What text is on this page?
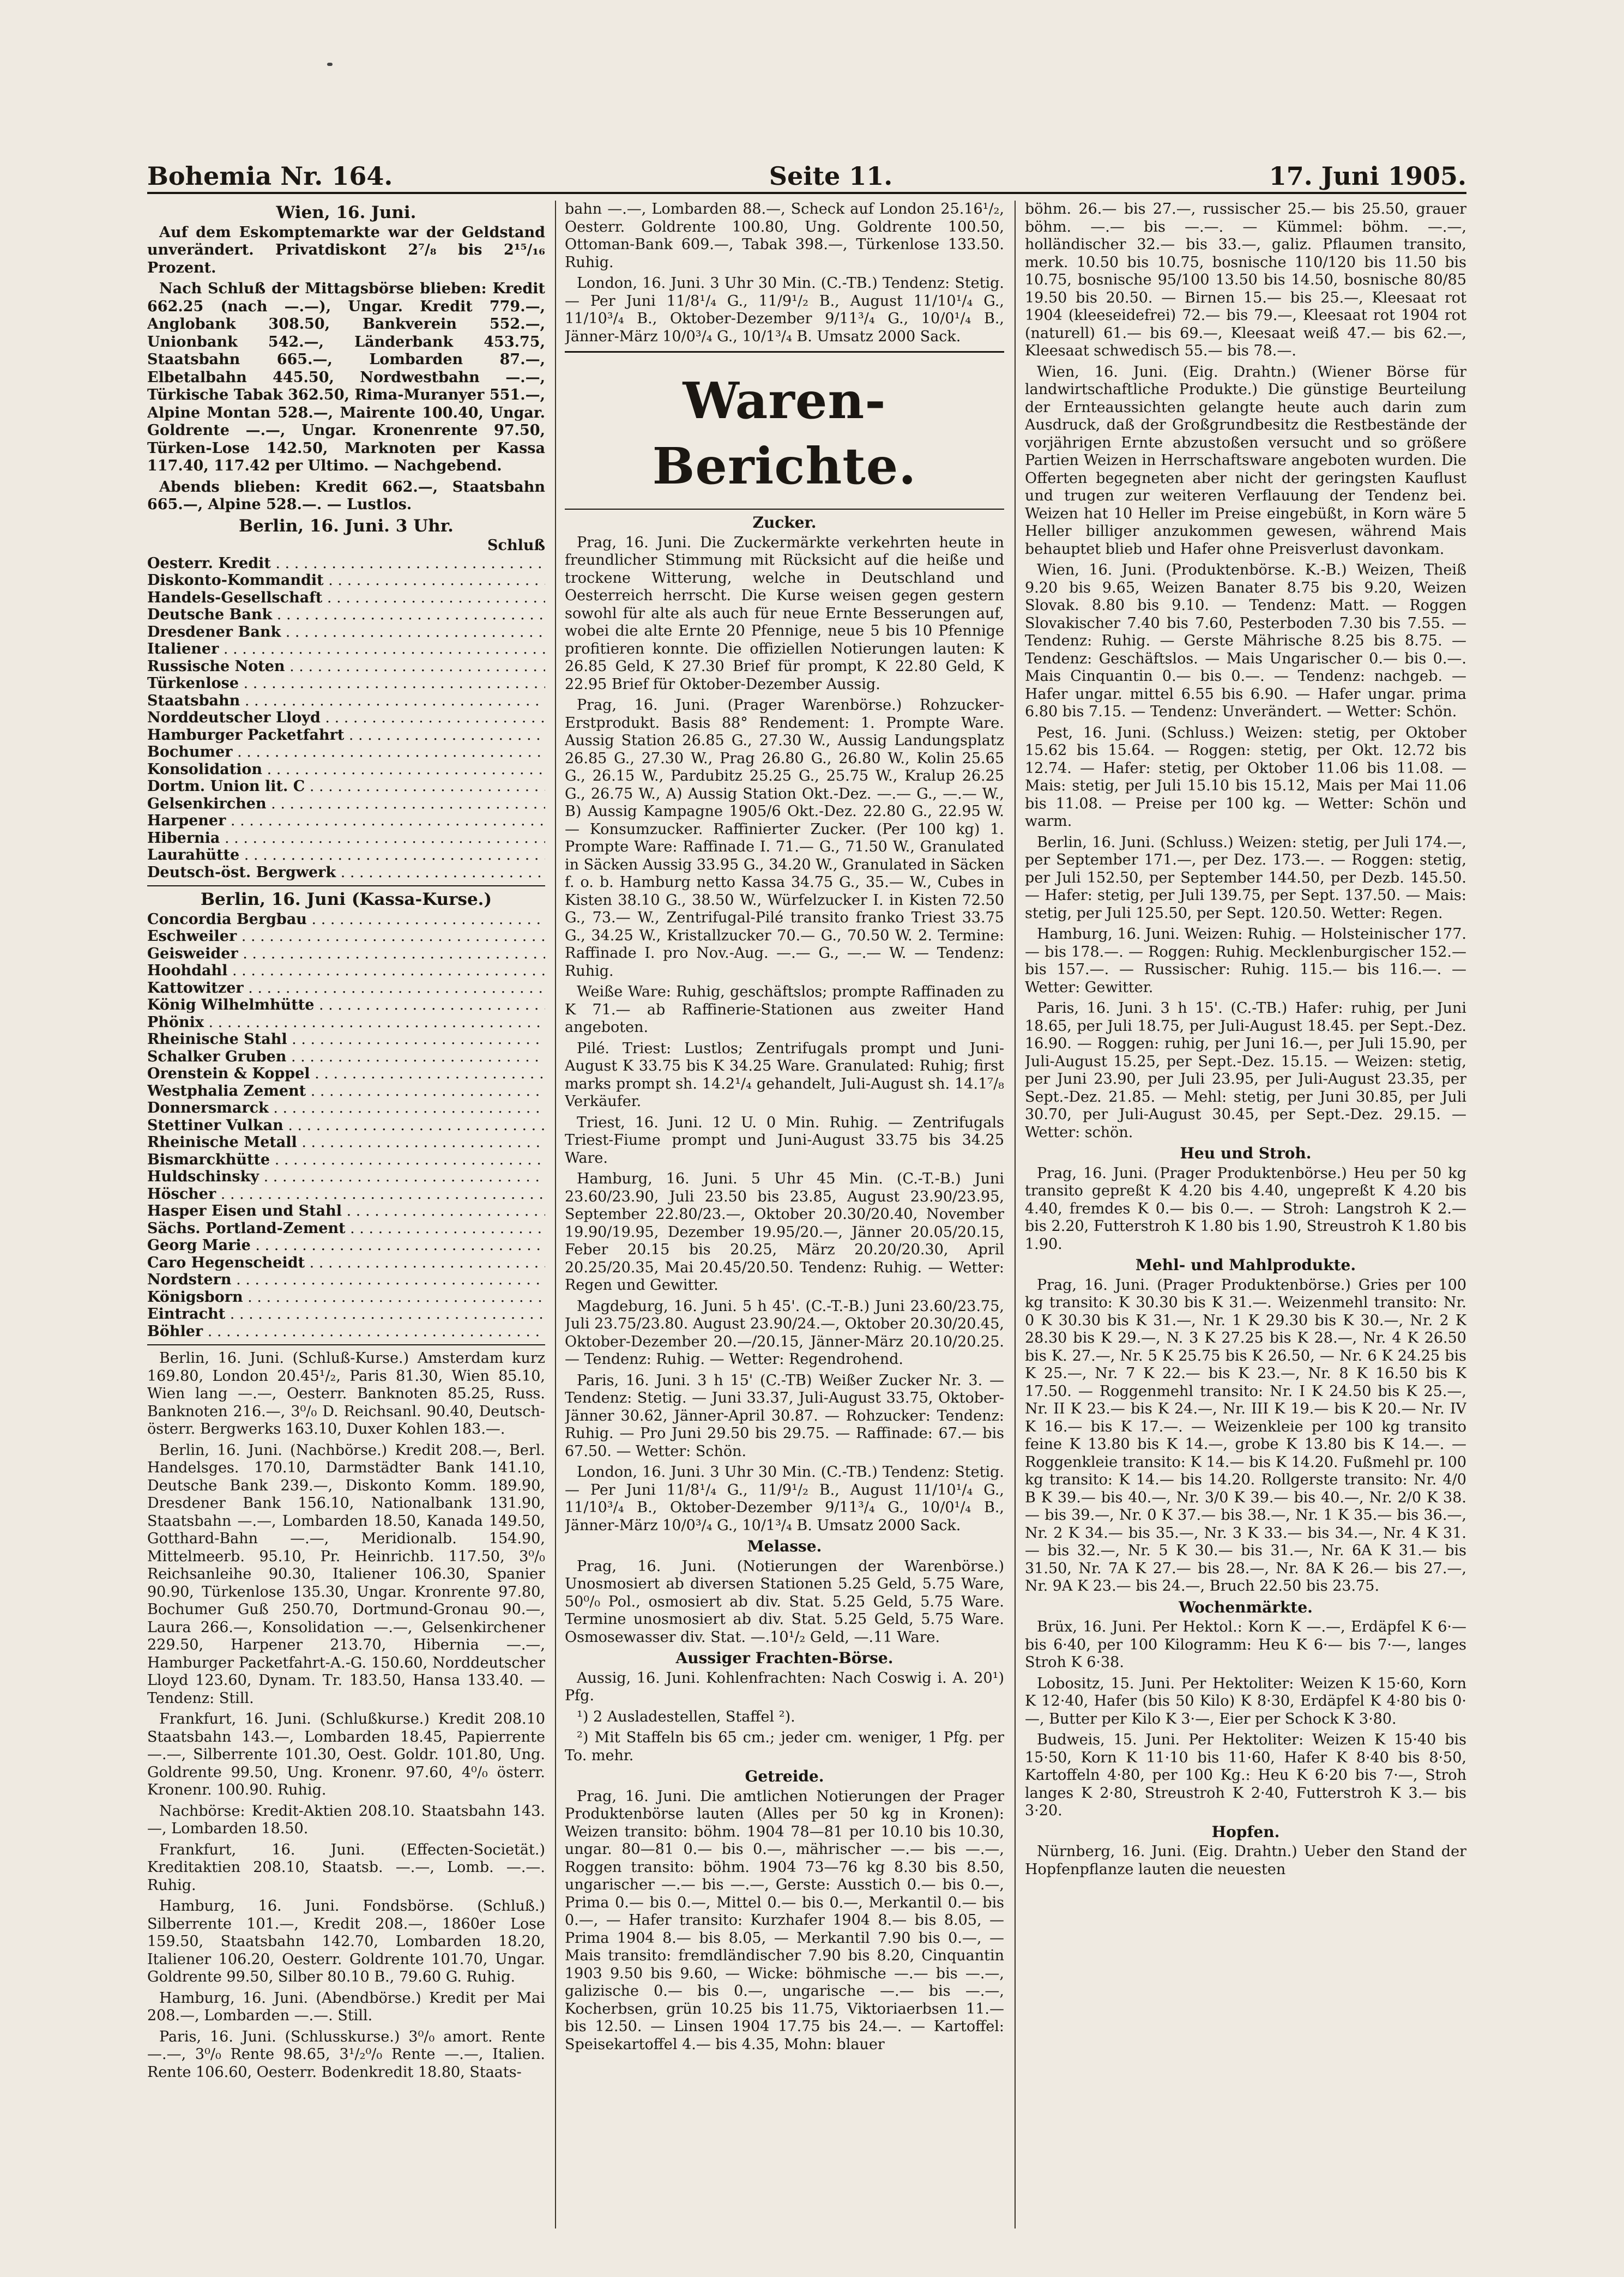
Bohemia Nr. 164.	Seite 11.	17. Juni 1905.
Wien, 16. Juni.

Auf dem Eskomptemarkte war der Geldstand unverändert. Privatdiskont 2⁷/₈ bis 2¹⁵/₁₆ Prozent.

Nach Schluß der Mittagsbörse blieben: Kredit 662.25 (nach —.—), Ungar. Kredit 779.—, Anglobank 308.50, Bankverein 552.—, Unionbank 542.—, Länderbank 453.75, Staatsbahn 665.—, Lombarden 87.—, Elbetalbahn 445.50, Nordwestbahn —.—, Türkische Tabak 362.50, Rima-Muranyer 551.—, Alpine Montan 528.—, Mairente 100.40, Ungar. Goldrente —.—, Ungar. Kronenrente 97.50, Türken-Lose 142.50, Marknoten per Kassa 117.40, 117.42 per Ultimo. — Nachgebend.

Abends blieben: Kredit 662.—, Staatsbahn 665.—, Alpine 528.—. — Lustlos.

Berlin, 16. Juni. 3 Uhr.
Schluß
Oesterr. Kredit . . .	
Diskonto-Kommandit . . .	
Handels-Gesellschaft . . .	
Deutsche Bank . . .	
Dresdener Bank . . .	
Italiener . . .	
Russische Noten . . .	
Türkenlose . . .	
Staatsbahn . . .	
Norddeutscher Lloyd . . .	
Hamburger Packetfahrt . . .	
Bochumer . . .	
Konsolidation . . .	
Dortm. Union lit. C . . .	
Gelsenkirchen . . .	
Harpener . . .	
Hibernia . . .	
Laurahütte . . .	
Deutsch-öst. Bergwerk . . .	
Berlin, 16. Juni (Kassa-Kurse.)
Concordia Bergbau . . .	
Eschweiler . . .	
Geisweider . . .	
Hoohdahl . . .	
Kattowitzer . . .	
König Wilhelmhütte . . .	
Phönix . . .	
Rheinische Stahl . . .	
Schalker Gruben . . .	
Orenstein & Koppel . . .	
Westphalia Zement . . .	
Donnersmarck . . .	
Stettiner Vulkan . . .	
Rheinische Metall . . .	
Bismarckhütte . . .	
Huldschinsky . . .	
Höscher . . .	
Hasper Eisen und Stahl . . .	
Sächs. Portland-Zement . . .	
Georg Marie . . .	
Caro Hegenscheidt . . .	
Nordstern . . .	
Königsborn . . .	
Eintracht . . .	
Böhler . . .	

Berlin, 16. Juni. (Schluß-Kurse.) Amsterdam kurz 169.80, London 20.45¹/₂, Paris 81.30, Wien 85.10, Wien lang —.—, Oesterr. Banknoten 85.25, Russ. Banknoten 216.—, 3⁰/₀ D. Reichsanl. 90.40, Deutsch-österr. Bergwerks 163.10, Duxer Kohlen 183.—.

Berlin, 16. Juni. (Nachbörse.) Kredit 208.—, Berl. Handelsges. 170.10, Darmstädter Bank 141.10, Deutsche Bank 239.—, Diskonto Komm. 189.90, Dresdener Bank 156.10, Nationalbank 131.90, Staatsbahn —.—, Lombarden 18.50, Kanada 149.50, Gotthard-Bahn —.—, Meridionalb. 154.90, Mittelmeerb. 95.10, Pr. Heinrichb. 117.50, 3⁰/₀ Reichsanleihe 90.30, Italiener 106.30, Spanier 90.90, Türkenlose 135.30, Ungar. Kronrente 97.80, Bochumer Guß 250.70, Dortmund-Gronau 90.—, Laura 266.—, Konsolidation —.—, Gelsenkirchener 229.50, Harpener 213.70, Hibernia —.—, Hamburger Packetfahrt-A.-G. 150.60, Norddeutscher Lloyd 123.60, Dynam. Tr. 183.50, Hansa 133.40. — Tendenz: Still.

Frankfurt, 16. Juni. (Schlußkurse.) Kredit 208.10 Staatsbahn 143.—, Lombarden 18.45, Papierrente —.—, Silberrente 101.30, Oest. Goldr. 101.80, Ung. Goldrente 99.50, Ung. Kronenr. 97.60, 4⁰/₀ österr. Kronenr. 100.90. Ruhig.

Nachbörse: Kredit-Aktien 208.10. Staatsbahn 143.—, Lombarden 18.50.

Frankfurt, 16. Juni. (Effecten-Societät.) Kreditaktien 208.10, Staatsb. —.—, Lomb. —.—. Ruhig.

Hamburg, 16. Juni. Fondsbörse. (Schluß.) Silberrente 101.—, Kredit 208.—, 1860er Lose 159.50, Staatsbahn 142.70, Lombarden 18.20, Italiener 106.20, Oesterr. Goldrente 101.70, Ungar. Goldrente 99.50, Silber 80.10 B., 79.60 G. Ruhig.

Hamburg, 16. Juni. (Abendbörse.) Kredit per Mai 208.—, Lombarden —.—. Still.

Paris, 16. Juni. (Schlusskurse.) 3⁰/₀ amort. Rente —.—, 3⁰/₀ Rente 98.65, 3¹/₂⁰/₀ Rente —.—, Italien. Rente 106.60, Oesterr. Bodenkredit 18.80, Staats-

bahn —.—, Lombarden 88.—, Scheck auf London 25.16¹/₂, Oesterr. Goldrente 100.80, Ung. Goldrente 100.50, Ottoman-Bank 609.—, Tabak 398.—, Türkenlose 133.50. Ruhig.

London, 16. Juni. 3 Uhr 30 Min. (C.-TB.) Tendenz: Stetig. — Per Juni 11/8¹/₄ G., 11/9¹/₂ B., August 11/10¹/₄ G., 11/10³/₄ B., Oktober-Dezember 9/11³/₄ G., 10/0¹/₄ B., Jänner-März 10/0³/₄ G., 10/1³/₄ B. Umsatz 2000 Sack.

Waren-Berichte.
Zucker.

Prag, 16. Juni. Die Zuckermärkte verkehrten heute in freundlicher Stimmung mit Rücksicht auf die heiße und trockene Witterung, welche in Deutschland und Oesterreich herrscht. Die Kurse weisen gegen gestern sowohl für alte als auch für neue Ernte Besserungen auf, wobei die alte Ernte 20 Pfennige, neue 5 bis 10 Pfennige profitieren konnte. Die offiziellen Notierungen lauten: K 26.85 Geld, K 27.30 Brief für prompt, K 22.80 Geld, K 22.95 Brief für Oktober-Dezember Aussig.

Prag, 16. Juni. (Prager Warenbörse.) Rohzucker-Erstprodukt. Basis 88° Rendement: 1. Prompte Ware. Aussig Station 26.85 G., 27.30 W., Aussig Landungsplatz 26.85 G., 27.30 W., Prag 26.80 G., 26.80 W., Kolin 25.65 G., 26.15 W., Pardubitz 25.25 G., 25.75 W., Kralup 26.25 G., 26.75 W., A) Aussig Station Okt.-Dez. —.— G., —.— W., B) Aussig Kampagne 1905/6 Okt.-Dez. 22.80 G., 22.95 W. — Konsumzucker. Raffinierter Zucker. (Per 100 kg) 1. Prompte Ware: Raffinade I. 71.— G., 71.50 W., Granulated in Säcken Aussig 33.95 G., 34.20 W., Granulated in Säcken f. o. b. Hamburg netto Kassa 34.75 G., 35.— W., Cubes in Kisten 38.10 G., 38.50 W., Würfelzucker I. in Kisten 72.50 G., 73.— W., Zentrifugal-Pilé transito franko Triest 33.75 G., 34.25 W., Kristallzucker 70.— G., 70.50 W. 2. Termine: Raffinade I. pro Nov.-Aug. —.— G., —.— W. — Tendenz: Ruhig.

Weiße Ware: Ruhig, geschäftslos; prompte Raffinaden zu K 71.— ab Raffinerie-Stationen aus zweiter Hand angeboten.

Pilé. Triest: Lustlos; Zentrifugals prompt und Juni-August K 33.75 bis K 34.25 Ware. Granulated: Ruhig; first marks prompt sh. 14.2¹/₄ gehandelt, Juli-August sh. 14.1⁷/₈ Verkäufer.

Triest, 16. Juni. 12 U. 0 Min. Ruhig. — Zentrifugals Triest-Fiume prompt und Juni-August 33.75 bis 34.25 Ware.

Hamburg, 16. Juni. 5 Uhr 45 Min. (C.-T.-B.) Juni 23.60/23.90, Juli 23.50 bis 23.85, August 23.90/23.95, September 22.80/23.—, Oktober 20.30/20.40, November 19.90/19.95, Dezember 19.95/20.—, Jänner 20.05/20.15, Feber 20.15 bis 20.25, März 20.20/20.30, April 20.25/20.35, Mai 20.45/20.50. Tendenz: Ruhig. — Wetter: Regen und Gewitter.

Magdeburg, 16. Juni. 5 h 45'. (C.-T.-B.) Juni 23.60/23.75, Juli 23.75/23.80. August 23.90/24.—, Oktober 20.30/20.45, Oktober-Dezember 20.—/20.15, Jänner-März 20.10/20.25. — Tendenz: Ruhig. — Wetter: Regendrohend.

Paris, 16. Juni. 3 h 15' (C.-TB) Weißer Zucker Nr. 3. — Tendenz: Stetig. — Juni 33.37, Juli-August 33.75, Oktober-Jänner 30.62, Jänner-April 30.87. — Rohzucker: Tendenz: Ruhig. — Pro Juni 29.50 bis 29.75. — Raffinade: 67.— bis 67.50. — Wetter: Schön.

London, 16. Juni. 3 Uhr 30 Min. (C.-TB.) Tendenz: Stetig. — Per Juni 11/8¹/₄ G., 11/9¹/₂ B., August 11/10¹/₄ G., 11/10³/₄ B., Oktober-Dezember 9/11³/₄ G., 10/0¹/₄ B., Jänner-März 10/0³/₄ G., 10/1³/₄ B. Umsatz 2000 Sack.

Melasse.

Prag, 16. Juni. (Notierungen der Warenbörse.) Unosmosiert ab diversen Stationen 5.25 Geld, 5.75 Ware, 50⁰/₀ Pol., osmosiert ab div. Stat. 5.25 Geld, 5.75 Ware. Termine unosmosiert ab div. Stat. 5.25 Geld, 5.75 Ware. Osmosewasser div. Stat. —.10¹/₂ Geld, —.11 Ware.

Aussiger Frachten-Börse.

Aussig, 16. Juni. Kohlenfrachten: Nach Coswig i. A. 20¹) Pfg.

¹) 2 Ausladestellen, Staffel ²).

²) Mit Staffeln bis 65 cm.; jeder cm. weniger, 1 Pfg. per To. mehr.

Getreide.

Prag, 16. Juni. Die amtlichen Notierungen der Prager Produktenbörse lauten (Alles per 50 kg in Kronen): Weizen transito: böhm. 1904 78—81 per 10.10 bis 10.30, ungar. 80—81 0.— bis 0.—, mährischer —.— bis —.—, Roggen transito: böhm. 1904 73—76 kg 8.30 bis 8.50, ungarischer —.— bis —.—, Gerste: Ausstich 0.— bis 0.—, Prima 0.— bis 0.—, Mittel 0.— bis 0.—, Merkantil 0.— bis 0.—, — Hafer transito: Kurzhafer 1904 8.— bis 8.05, — Prima 1904 8.— bis 8.05, — Merkantil 7.90 bis 0.—, — Mais transito: fremdländischer 7.90 bis 8.20, Cinquantin 1903 9.50 bis 9.60, — Wicke: böhmische —.— bis —.—, galizische 0.— bis 0.—, ungarische —.— bis —.—, Kocherbsen, grün 10.25 bis 11.75, Viktoriaerbsen 11.— bis 12.50. — Linsen 1904 17.75 bis 24.—. — Kartoffel: Speisekartoffel 4.— bis 4.35, Mohn: blauer

böhm. 26.— bis 27.—, russischer 25.— bis 25.50, grauer böhm. —.— bis —.—. — Kümmel: böhm. —.—, holländischer 32.— bis 33.—, galiz. Pflaumen transito, merk. 10.50 bis 10.75, bosnische 110/120 bis 11.50 bis 10.75, bosnische 95/100 13.50 bis 14.50, bosnische 80/85 19.50 bis 20.50. — Birnen 15.— bis 25.—, Kleesaat rot 1904 (kleeseidefrei) 72.— bis 79.—, Kleesaat rot 1904 rot (naturell) 61.— bis 69.—, Kleesaat weiß 47.— bis 62.—, Kleesaat schwedisch 55.— bis 78.—.

Wien, 16. Juni. (Eig. Drahtn.) (Wiener Börse für landwirtschaftliche Produkte.) Die günstige Beurteilung der Ernteaussichten gelangte heute auch darin zum Ausdruck, daß der Großgrundbesitz die Restbestände der vorjährigen Ernte abzustoßen versucht und so größere Partien Weizen in Herrschaftsware angeboten wurden. Die Offerten begegneten aber nicht der geringsten Kauflust und trugen zur weiteren Verflauung der Tendenz bei. Weizen hat 10 Heller im Preise eingebüßt, in Korn wäre 5 Heller billiger anzukommen gewesen, während Mais behauptet blieb und Hafer ohne Preisverlust davonkam.

Wien, 16. Juni. (Produktenbörse. K.-B.) Weizen, Theiß 9.20 bis 9.65, Weizen Banater 8.75 bis 9.20, Weizen Slovak. 8.80 bis 9.10. — Tendenz: Matt. — Roggen Slovakischer 7.40 bis 7.60, Pesterboden 7.30 bis 7.55. — Tendenz: Ruhig. — Gerste Mährische 8.25 bis 8.75. — Tendenz: Geschäftslos. — Mais Ungarischer 0.— bis 0.—. Mais Cinquantin 0.— bis 0.—. — Tendenz: nachgeb. — Hafer ungar. mittel 6.55 bis 6.90. — Hafer ungar. prima 6.80 bis 7.15. — Tendenz: Unverändert. — Wetter: Schön.

Pest, 16. Juni. (Schluss.) Weizen: stetig, per Oktober 15.62 bis 15.64. — Roggen: stetig, per Okt. 12.72 bis 12.74. — Hafer: stetig, per Oktober 11.06 bis 11.08. — Mais: stetig, per Juli 15.10 bis 15.12, Mais per Mai 11.06 bis 11.08. — Preise per 100 kg. — Wetter: Schön und warm.

Berlin, 16. Juni. (Schluss.) Weizen: stetig, per Juli 174.—, per September 171.—, per Dez. 173.—. — Roggen: stetig, per Juli 152.50, per September 144.50, per Dezb. 145.50. — Hafer: stetig, per Juli 139.75, per Sept. 137.50. — Mais: stetig, per Juli 125.50, per Sept. 120.50. Wetter: Regen.

Hamburg, 16. Juni. Weizen: Ruhig. — Holsteinischer 177.— bis 178.—. — Roggen: Ruhig. Mecklenburgischer 152.— bis 157.—. — Russischer: Ruhig. 115.— bis 116.—. — Wetter: Gewitter.

Paris, 16. Juni. 3 h 15'. (C.-TB.) Hafer: ruhig, per Juni 18.65, per Juli 18.75, per Juli-August 18.45. per Sept.-Dez. 16.90. — Roggen: ruhig, per Juni 16.—, per Juli 15.90, per Juli-August 15.25, per Sept.-Dez. 15.15. — Weizen: stetig, per Juni 23.90, per Juli 23.95, per Juli-August 23.35, per Sept.-Dez. 21.85. — Mehl: stetig, per Juni 30.85, per Juli 30.70, per Juli-August 30.45, per Sept.-Dez. 29.15. — Wetter: schön.

Heu und Stroh.

Prag, 16. Juni. (Prager Produktenbörse.) Heu per 50 kg transito gepreßt K 4.20 bis 4.40, ungepreßt K 4.20 bis 4.40, fremdes K 0.— bis 0.—. — Stroh: Langstroh K 2.— bis 2.20, Futterstroh K 1.80 bis 1.90, Streustroh K 1.80 bis 1.90.

Mehl- und Mahlprodukte.

Prag, 16. Juni. (Prager Produktenbörse.) Gries per 100 kg transito: K 30.30 bis K 31.—. Weizenmehl transito: Nr. 0 K 30.30 bis K 31.—, Nr. 1 K 29.30 bis K 30.—, Nr. 2 K 28.30 bis K 29.—, N. 3 K 27.25 bis K 28.—, Nr. 4 K 26.50 bis K. 27.—, Nr. 5 K 25.75 bis K 26.50, — Nr. 6 K 24.25 bis K 25.—, Nr. 7 K 22.— bis K 23.—, Nr. 8 K 16.50 bis K 17.50. — Roggenmehl transito: Nr. I K 24.50 bis K 25.—, Nr. II K 23.— bis K 24.—, Nr. III K 19.— bis K 20.— Nr. IV K 16.— bis K 17.—. — Weizenkleie per 100 kg transito feine K 13.80 bis K 14.—, grobe K 13.80 bis K 14.—. — Roggenkleie transito: K 14.— bis K 14.20. Fußmehl pr. 100 kg transito: K 14.— bis 14.20. Rollgerste transito: Nr. 4/0 B K 39.— bis 40.—, Nr. 3/0 K 39.— bis 40.—, Nr. 2/0 K 38.— bis 39.—, Nr. 0 K 37.— bis 38.—, Nr. 1 K 35.— bis 36.—, Nr. 2 K 34.— bis 35.—, Nr. 3 K 33.— bis 34.—, Nr. 4 K 31.— bis 32.—, Nr. 5 K 30.— bis 31.—, Nr. 6A K 31.— bis 31.50, Nr. 7A K 27.— bis 28.—, Nr. 8A K 26.— bis 27.—, Nr. 9A K 23.— bis 24.—, Bruch 22.50 bis 23.75.

Wochenmärkte.

Brüx, 16. Juni. Per Hektol.: Korn K —.—, Erdäpfel K 6·— bis 6·40, per 100 Kilogramm: Heu K 6·— bis 7·—, langes Stroh K 6·38.

Lobositz, 15. Juni. Per Hektoliter: Weizen K 15·60, Korn K 12·40, Hafer (bis 50 Kilo) K 8·30, Erdäpfel K 4·80 bis 0·—, Butter per Kilo K 3·—, Eier per Schock K 3·80.

Budweis, 15. Juni. Per Hektoliter: Weizen K 15·40 bis 15·50, Korn K 11·10 bis 11·60, Hafer K 8·40 bis 8·50, Kartoffeln 4·80, per 100 Kg.: Heu K 6·20 bis 7·—, Stroh langes K 2·80, Streustroh K 2·40, Futterstroh K 3.— bis 3·20.

Hopfen.

Nürnberg, 16. Juni. (Eig. Drahtn.) Ueber den Stand der Hopfenpflanze lauten die neuesten
